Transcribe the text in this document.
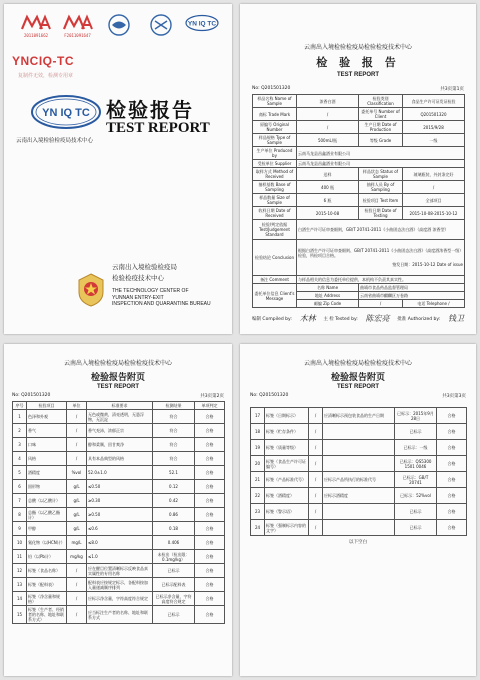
2011091662	F2011091647
YN IQ TC
YNCIQ-TC
复制件无效，检测专用章
YN IQ TC 检验报告
TEST REPORT
云南出入境检验检疫局技术中心
云南出入境检验检疫局
检验检疫技术中心
THE TECHNOLOGY CENTER OF
YUNNAN ENTRY-EXIT
INSPECTION AND QUARANTINE BUREAU
云南出入境检验检疫局检验检疫技术中心
检 验 报 告
TEST REPORT
No: Q201501320	共3页第1页
样品名称 Name of Sample	浓香白酒	检验类别 Classification	食品生产许可证发证检验
商标 Trade Mark	/	委托单号 Number of Client	Q201501320
原编号 Original Number	/	生产日期 Date of Production	2015/9/28
样品规格 Type of Sample	500mL/瓶	等级 Grade	一级
生产单位 Produced by	云南马龙县昌鑫酒业有限公司		
受检单位 Supplier	云南马龙县昌鑫酒业有限公司		
取样方式 Method of Received	送样	样品状态 Status of Sample	玻璃瓶装，外封条完好
抽样基数 Base of Sampling	400 瓶	抽样人员 By of Sampling	/
样品数量 Size of Sample	6 瓶	检验项目 Test Item	全部项目
收样日期 Date of Received	2015-10-08	检验日期 Date of Testing	2015-10-08-2015-10-12
检验/判定依据 Test/Judgement Standard	白酒生产许可证审查细则，GB/T 20741-2011《小曲固态法白酒》（高度酒 浓香型）		
检验结论 Conclusion	根据白酒生产许可证审查细则、GB/T 20741-2011《小曲固态法白酒》（高度酒浓香型一级）检验，所检项目合格。
签发日期：2015-10-12 Date of issue		

备注 Comment	与样品相关的信息为委托单位提供，本机构不负责其真实性。		
委托单位信息 Client's Message	名称 Name	曲靖市食品药品监督管理局	
	地址 Address	云南省曲靖市麒麟区万卷路	
	邮编 Zip Code	/	电话 Telephone /
编制 Compiled by: 木林 主 检 Tested by: 陈宏亮 批准 Authorized by: 钱卫
云南出入境检验检疫局检验检疫技术中心
检验报告附页
TEST REPORT
No: Q201501320	共3页第2页
序号	检验项目	单位	标准要求	检测结果	单项判定
1	色泽和外观	/	无色或微黄，清亮透明，无悬浮物，无沉淀	符合	合格
2	香气	/	香气充沛，浓郁正宗	符合	合格
3	口味	/	醇和柔顺，回甘爽净	符合	合格
4	风格	/	具有本品典型的风格	符合	合格
5	酒精度	%vol	52.0±1.0	52.1	合格
6	固形物	g/L	≤0.50	0.12	合格
7	总酸（以乙酸计）	g/L	≥0.30	0.42	合格
8	总酯（以乙酸乙酯计）	g/L	≥0.50	0.86	合格
9	甲醇	g/L	≤0.6	0.18	合格
10	氰化物（以HCN计）	mg/L	≤8.0	0.406	合格
11	铅（以Pb计）	mg/kg	≤1.0	未检出（检出限：0.1mg/kg）	合格
12	标签（食品名称）	/	应在醒目位置清晰标示反映食品真实属性的专用名称	已标示	合格
13	标签（配料表）	/	配料表应按规定标示，各配料按加入量递减顺序排列	已标示配料表	合格
14	标签（净含量和规格）	/	应标示净含量，字符高度符合规定	已标示净含量，字符高度符合规定	合格
15	标签（生产者、经销者的名称、地址和联系方式）	/	应当标注生产者的名称、地址和联系方式	已标示	合格
云南出入境检验检疫局检验检疫技术中心
检验报告附页
TEST REPORT
No: Q201501320	共3页第3页
17	标签（日期标示）	/	应清晰标示预包装食品的生产日期	已标示：2015年9月28日	合格
18	标签（贮存条件）	/		已标示	合格
19	标签（质量等级）	/		已标示：一级	合格
20	标签（食品生产许可证编号）	/		已标示：QS5300 1501 0046	合格
21	标签（产品标准代号）	/	应标示产品所执行的标准代号	已标示：GB/T 20741	合格
22	标签（酒精度）	/	应标示酒精度	已标示：52%vol	合格
23	标签（警示语）	/		已标示	合格
24	标签（强制标示内容的文字）	/		已标示	合格
以下空白
